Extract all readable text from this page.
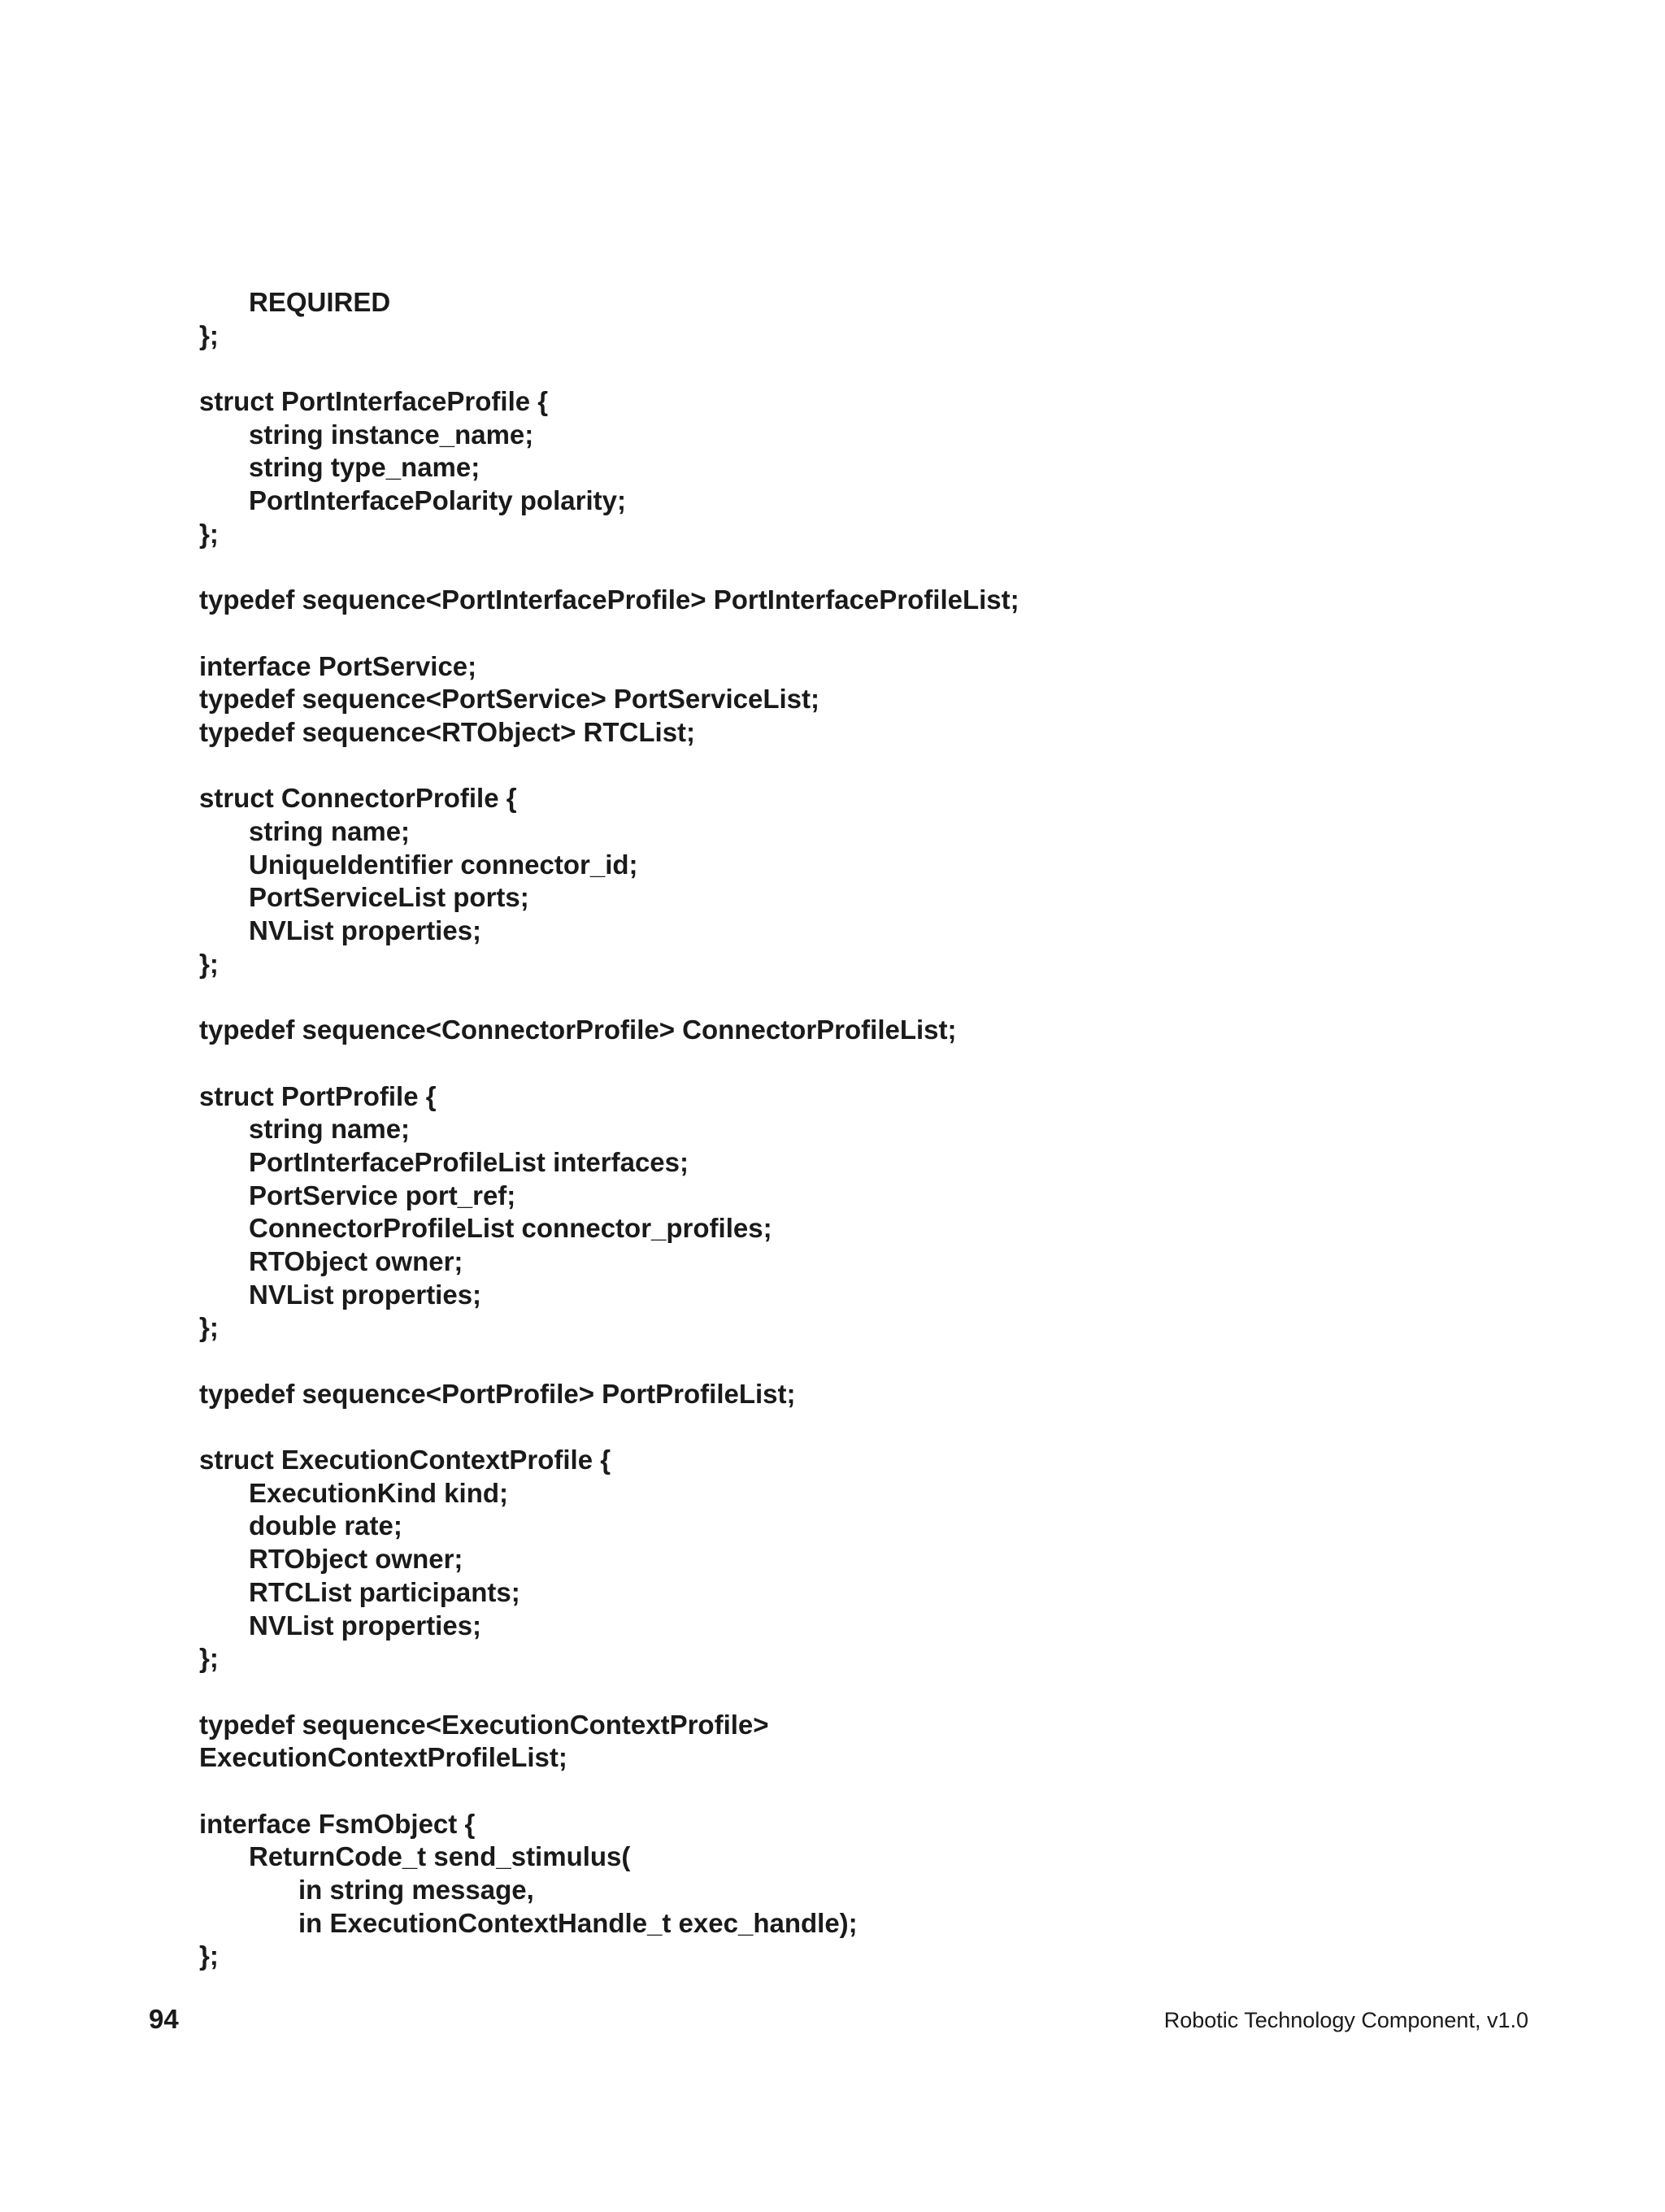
REQUIRED
};
struct PortInterfaceProfile {
string instance_name;
string type_name;
PortInterfacePolarity polarity;
};
typedef sequence<PortInterfaceProfile> PortInterfaceProfileList;
interface PortService;
typedef sequence<PortService> PortServiceList;
typedef sequence<RTObject> RTCList;
struct ConnectorProfile {
string name;
UniqueIdentifier connector_id;
PortServiceList ports;
NVList properties;
};
typedef sequence<ConnectorProfile> ConnectorProfileList;
struct PortProfile {
string name;
PortInterfaceProfileList interfaces;
PortService port_ref;
ConnectorProfileList connector_profiles;
RTObject owner;
NVList properties;
};
typedef sequence<PortProfile> PortProfileList;
struct ExecutionContextProfile {
ExecutionKind kind;
double rate;
RTObject owner;
RTCList participants;
NVList properties;
};
typedef sequence<ExecutionContextProfile>
ExecutionContextProfileList;
interface FsmObject {
ReturnCode_t send_stimulus(
in string message,
in ExecutionContextHandle_t exec_handle);
};
94	Robotic Technology Component, v1.0
